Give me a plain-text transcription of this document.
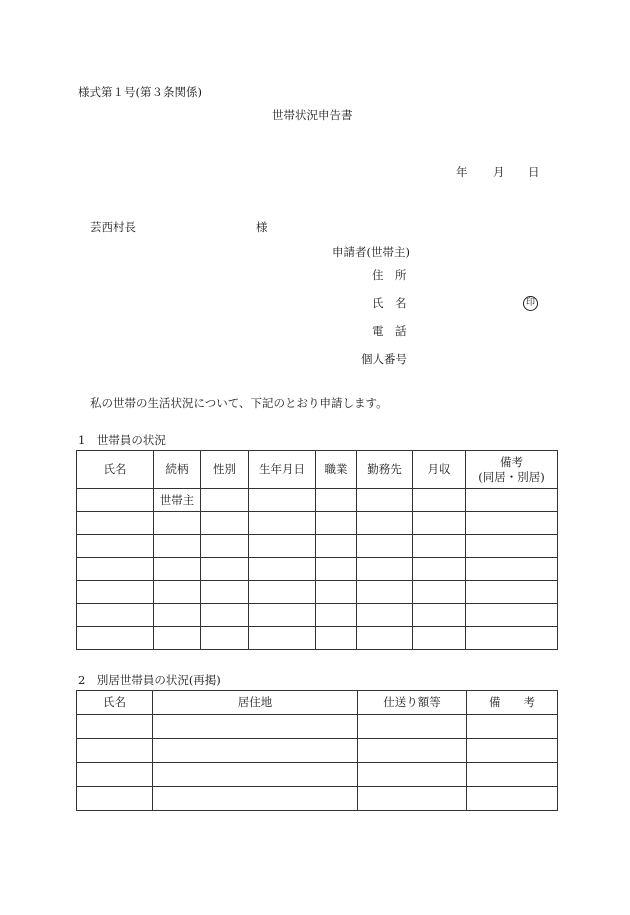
様式第１号(第３条関係)
世帯状況申告書
年 月 日
芸西村長	様
申請者(世帯主)
住　所
氏　名	印
電　話
個人番号
私の世帯の生活状況について、下記のとおり申請します。
1　世帯員の状況
氏名	続柄	性別	生年月日	職業	勤務先	月収	備考
(同居・別居)

	世帯主						

2　別居世帯員の状況(再掲)
氏名	居住地	仕送り額等	備　　考
